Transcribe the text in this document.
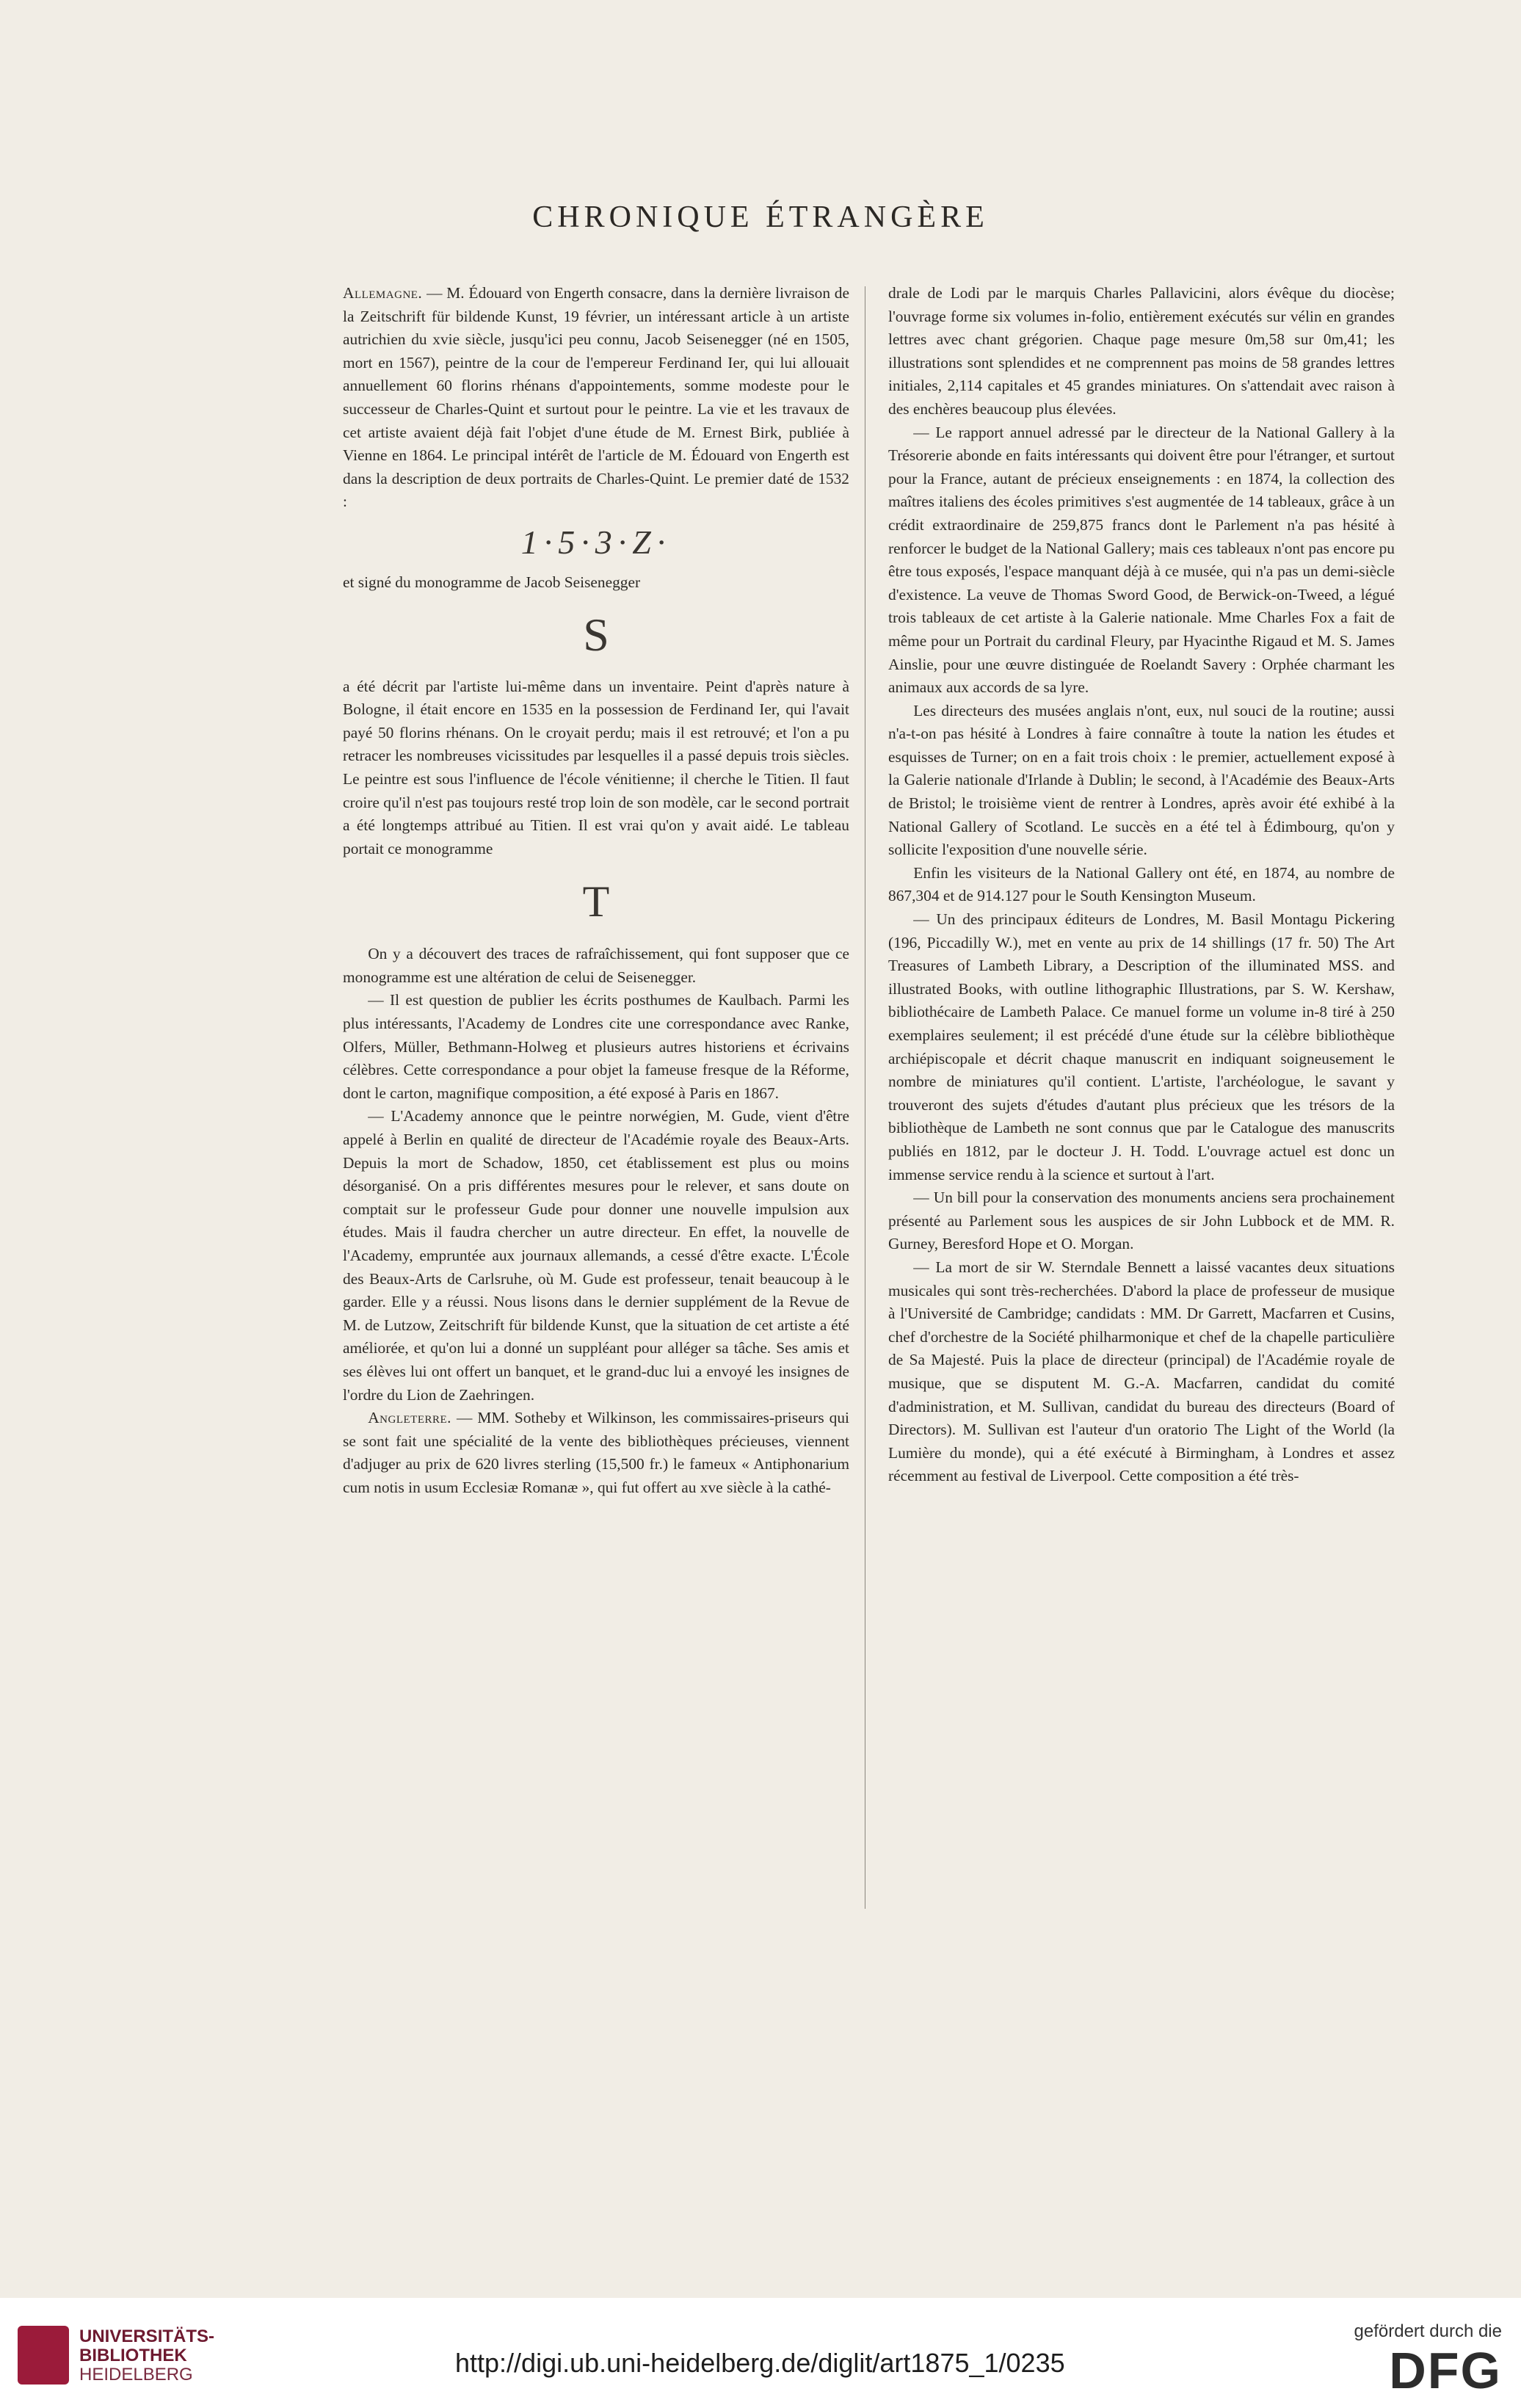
CHRONIQUE ÉTRANGÈRE

Allemagne. — M. Édouard von Engerth consacre, dans la dernière livraison de la Zeitschrift für bildende Kunst, 19 février, un intéressant article à un artiste autrichien du xvie siècle, jusqu'ici peu connu, Jacob Seisenegger (né en 1505, mort en 1567), peintre de la cour de l'empereur Ferdinand Ier, qui lui allouait annuellement 60 florins rhénans d'appointements, somme modeste pour le successeur de Charles-Quint et surtout pour le peintre. La vie et les travaux de cet artiste avaient déjà fait l'objet d'une étude de M. Ernest Birk, publiée à Vienne en 1864. Le principal intérêt de l'article de M. Édouard von Engerth est dans la description de deux portraits de Charles-Quint. Le premier daté de 1532 :

1·5·3·Z·

et signé du monogramme de Jacob Seisenegger

S

a été décrit par l'artiste lui-même dans un inventaire. Peint d'après nature à Bologne, il était encore en 1535 en la possession de Ferdinand Ier, qui l'avait payé 50 florins rhénans. On le croyait perdu; mais il est retrouvé; et l'on a pu retracer les nombreuses vicissitudes par lesquelles il a passé depuis trois siècles. Le peintre est sous l'influence de l'école vénitienne; il cherche le Titien. Il faut croire qu'il n'est pas toujours resté trop loin de son modèle, car le second portrait a été longtemps attribué au Titien. Il est vrai qu'on y avait aidé. Le tableau portait ce monogramme

T

On y a découvert des traces de rafraîchissement, qui font supposer que ce monogramme est une altération de celui de Seisenegger.

— Il est question de publier les écrits posthumes de Kaulbach. Parmi les plus intéressants, l'Academy de Londres cite une correspondance avec Ranke, Olfers, Müller, Bethmann-Holweg et plusieurs autres historiens et écrivains célèbres. Cette correspondance a pour objet la fameuse fresque de la Réforme, dont le carton, magnifique composition, a été exposé à Paris en 1867.

— L'Academy annonce que le peintre norwégien, M. Gude, vient d'être appelé à Berlin en qualité de directeur de l'Académie royale des Beaux-Arts. Depuis la mort de Schadow, 1850, cet établissement est plus ou moins désorganisé. On a pris différentes mesures pour le relever, et sans doute on comptait sur le professeur Gude pour donner une nouvelle impulsion aux études. Mais il faudra chercher un autre directeur. En effet, la nouvelle de l'Academy, empruntée aux journaux allemands, a cessé d'être exacte. L'École des Beaux-Arts de Carlsruhe, où M. Gude est professeur, tenait beaucoup à le garder. Elle y a réussi. Nous lisons dans le dernier supplément de la Revue de M. de Lutzow, Zeitschrift für bildende Kunst, que la situation de cet artiste a été améliorée, et qu'on lui a donné un suppléant pour alléger sa tâche. Ses amis et ses élèves lui ont offert un banquet, et le grand-duc lui a envoyé les insignes de l'ordre du Lion de Zaehringen.

Angleterre. — MM. Sotheby et Wilkinson, les commissaires-priseurs qui se sont fait une spécialité de la vente des bibliothèques précieuses, viennent d'adjuger au prix de 620 livres sterling (15,500 fr.) le fameux « Antiphonarium cum notis in usum Ecclesiæ Romanæ », qui fut offert au xve siècle à la cathé-

drale de Lodi par le marquis Charles Pallavicini, alors évêque du diocèse; l'ouvrage forme six volumes in-folio, entièrement exécutés sur vélin en grandes lettres avec chant grégorien. Chaque page mesure 0m,58 sur 0m,41; les illustrations sont splendides et ne comprennent pas moins de 58 grandes lettres initiales, 2,114 capitales et 45 grandes miniatures. On s'attendait avec raison à des enchères beaucoup plus élevées.

— Le rapport annuel adressé par le directeur de la National Gallery à la Trésorerie abonde en faits intéressants qui doivent être pour l'étranger, et surtout pour la France, autant de précieux enseignements : en 1874, la collection des maîtres italiens des écoles primitives s'est augmentée de 14 tableaux, grâce à un crédit extraordinaire de 259,875 francs dont le Parlement n'a pas hésité à renforcer le budget de la National Gallery; mais ces tableaux n'ont pas encore pu être tous exposés, l'espace manquant déjà à ce musée, qui n'a pas un demi-siècle d'existence. La veuve de Thomas Sword Good, de Berwick-on-Tweed, a légué trois tableaux de cet artiste à la Galerie nationale. Mme Charles Fox a fait de même pour un Portrait du cardinal Fleury, par Hyacinthe Rigaud et M. S. James Ainslie, pour une œuvre distinguée de Roelandt Savery : Orphée charmant les animaux aux accords de sa lyre.

Les directeurs des musées anglais n'ont, eux, nul souci de la routine; aussi n'a-t-on pas hésité à Londres à faire connaître à toute la nation les études et esquisses de Turner; on en a fait trois choix : le premier, actuellement exposé à la Galerie nationale d'Irlande à Dublin; le second, à l'Académie des Beaux-Arts de Bristol; le troisième vient de rentrer à Londres, après avoir été exhibé à la National Gallery of Scotland. Le succès en a été tel à Édimbourg, qu'on y sollicite l'exposition d'une nouvelle série.

Enfin les visiteurs de la National Gallery ont été, en 1874, au nombre de 867,304 et de 914.127 pour le South Kensington Museum.

— Un des principaux éditeurs de Londres, M. Basil Montagu Pickering (196, Piccadilly W.), met en vente au prix de 14 shillings (17 fr. 50) The Art Treasures of Lambeth Library, a Description of the illuminated MSS. and illustrated Books, with outline lithographic Illustrations, par S. W. Kershaw, bibliothécaire de Lambeth Palace. Ce manuel forme un volume in-8 tiré à 250 exemplaires seulement; il est précédé d'une étude sur la célèbre bibliothèque archiépiscopale et décrit chaque manuscrit en indiquant soigneusement le nombre de miniatures qu'il contient. L'artiste, l'archéologue, le savant y trouveront des sujets d'études d'autant plus précieux que les trésors de la bibliothèque de Lambeth ne sont connus que par le Catalogue des manuscrits publiés en 1812, par le docteur J. H. Todd. L'ouvrage actuel est donc un immense service rendu à la science et surtout à l'art.

— Un bill pour la conservation des monuments anciens sera prochainement présenté au Parlement sous les auspices de sir John Lubbock et de MM. R. Gurney, Beresford Hope et O. Morgan.

— La mort de sir W. Sterndale Bennett a laissé vacantes deux situations musicales qui sont très-recherchées. D'abord la place de professeur de musique à l'Université de Cambridge; candidats : MM. Dr Garrett, Macfarren et Cusins, chef d'orchestre de la Société philharmonique et chef de la chapelle particulière de Sa Majesté. Puis la place de directeur (principal) de l'Académie royale de musique, que se disputent M. G.-A. Macfarren, candidat du comité d'administration, et M. Sullivan, candidat du bureau des directeurs (Board of Directors). M. Sullivan est l'auteur d'un oratorio The Light of the World (la Lumière du monde), qui a été exécuté à Birmingham, à Londres et assez récemment au festival de Liverpool. Cette composition a été très-

UNIVERSITÄTS-
BIBLIOTHEK
HEIDELBERG	http://digi.ub.uni-heidelberg.de/diglit/art1875_1/0235
gefördert durch die
DFG
